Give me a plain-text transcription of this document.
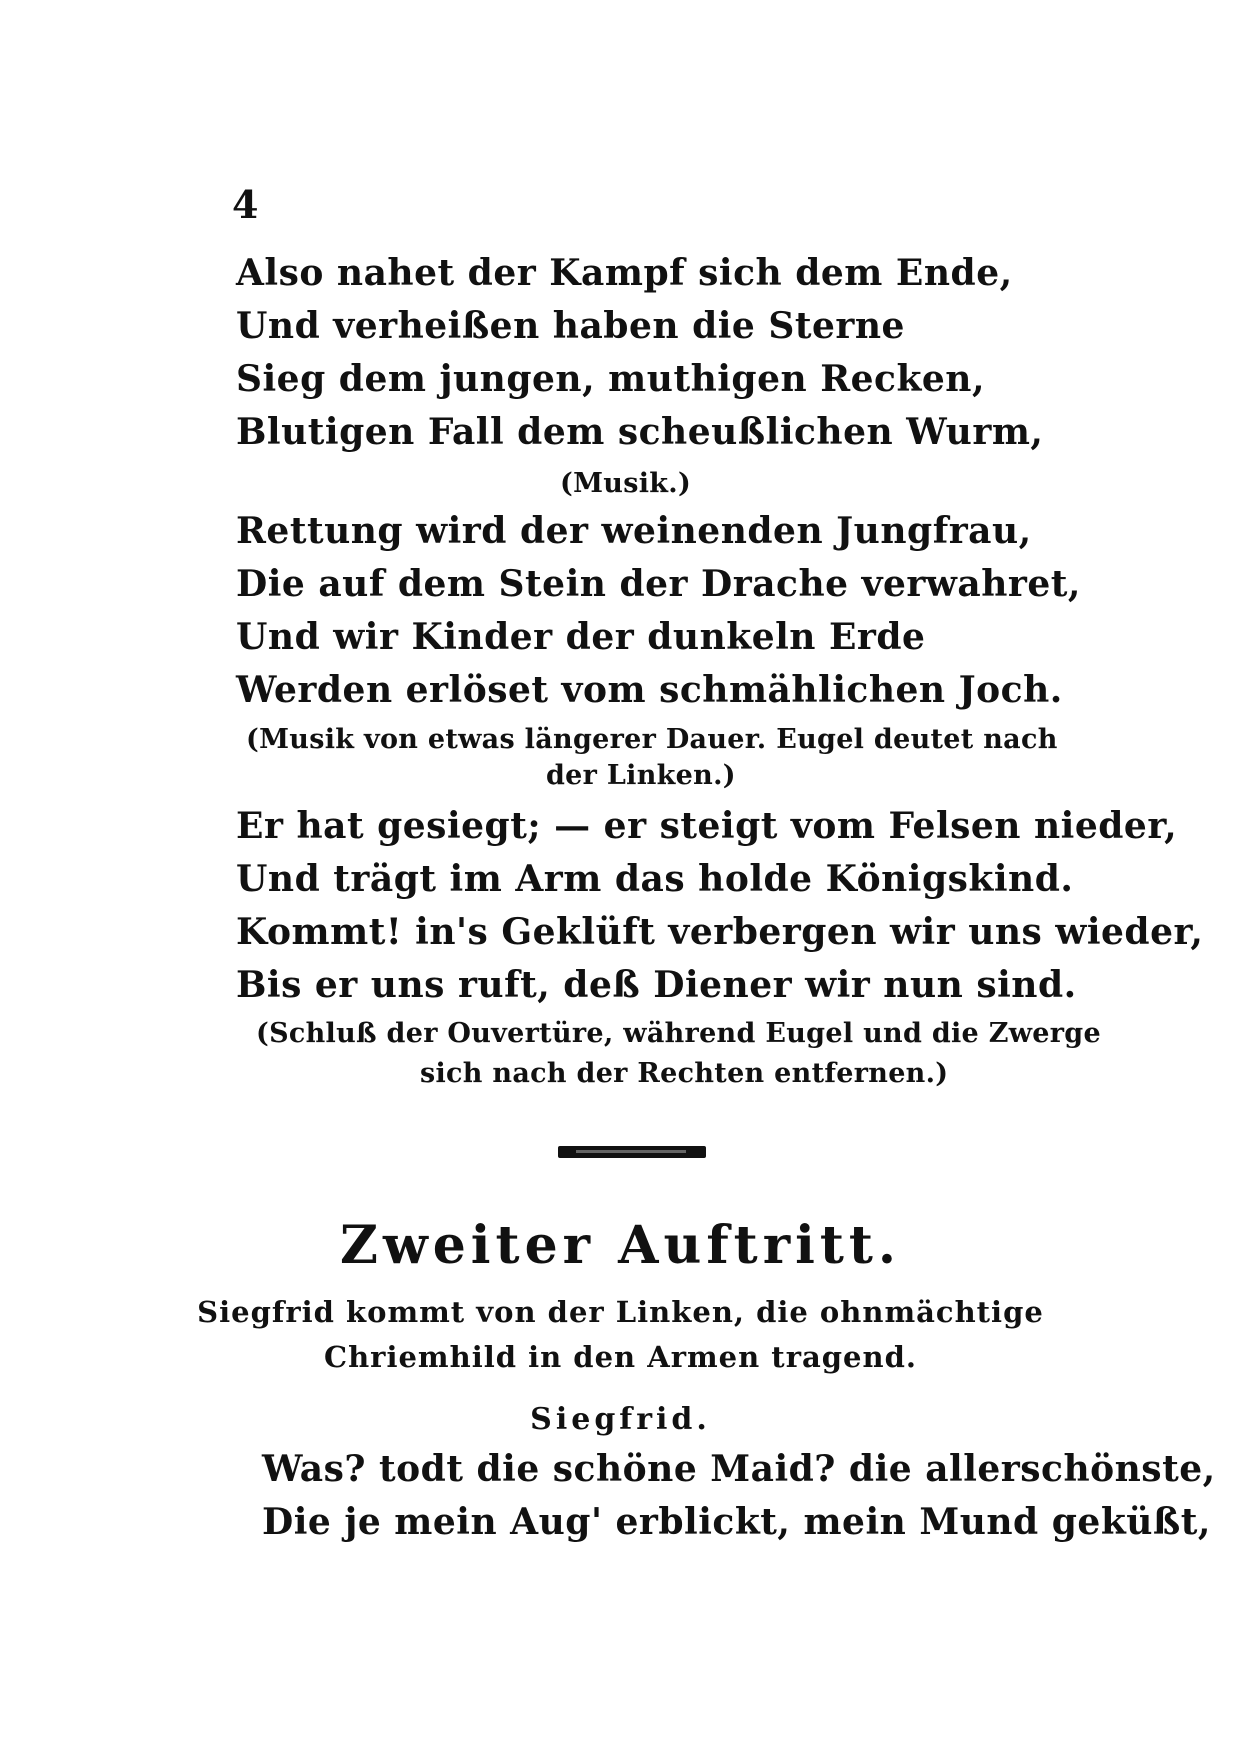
4
Also nahet der Kampf sich dem Ende,
Und verheißen haben die Sterne
Sieg dem jungen, muthigen Recken,
Blutigen Fall dem scheußlichen Wurm,
(Musik.)
Rettung wird der weinenden Jungfrau,
Die auf dem Stein der Drache verwahret,
Und wir Kinder der dunkeln Erde
Werden erlöset vom schmählichen Joch.
(Musik von etwas längerer Dauer. Eugel deutet nach
der Linken.)
Er hat gesiegt; — er steigt vom Felsen nieder,
Und trägt im Arm das holde Königskind.
Kommt! in's Geklüft verbergen wir uns wieder,
Bis er uns ruft, deß Diener wir nun sind.
(Schluß der Ouvertüre, während Eugel und die Zwerge
sich nach der Rechten entfernen.)
Zweiter Auftritt.
Siegfrid kommt von der Linken, die ohnmächtige
Chriemhild in den Armen tragend.
Siegfrid.
Was? todt die schöne Maid? die allerschönste,
Die je mein Aug' erblickt, mein Mund geküßt,
